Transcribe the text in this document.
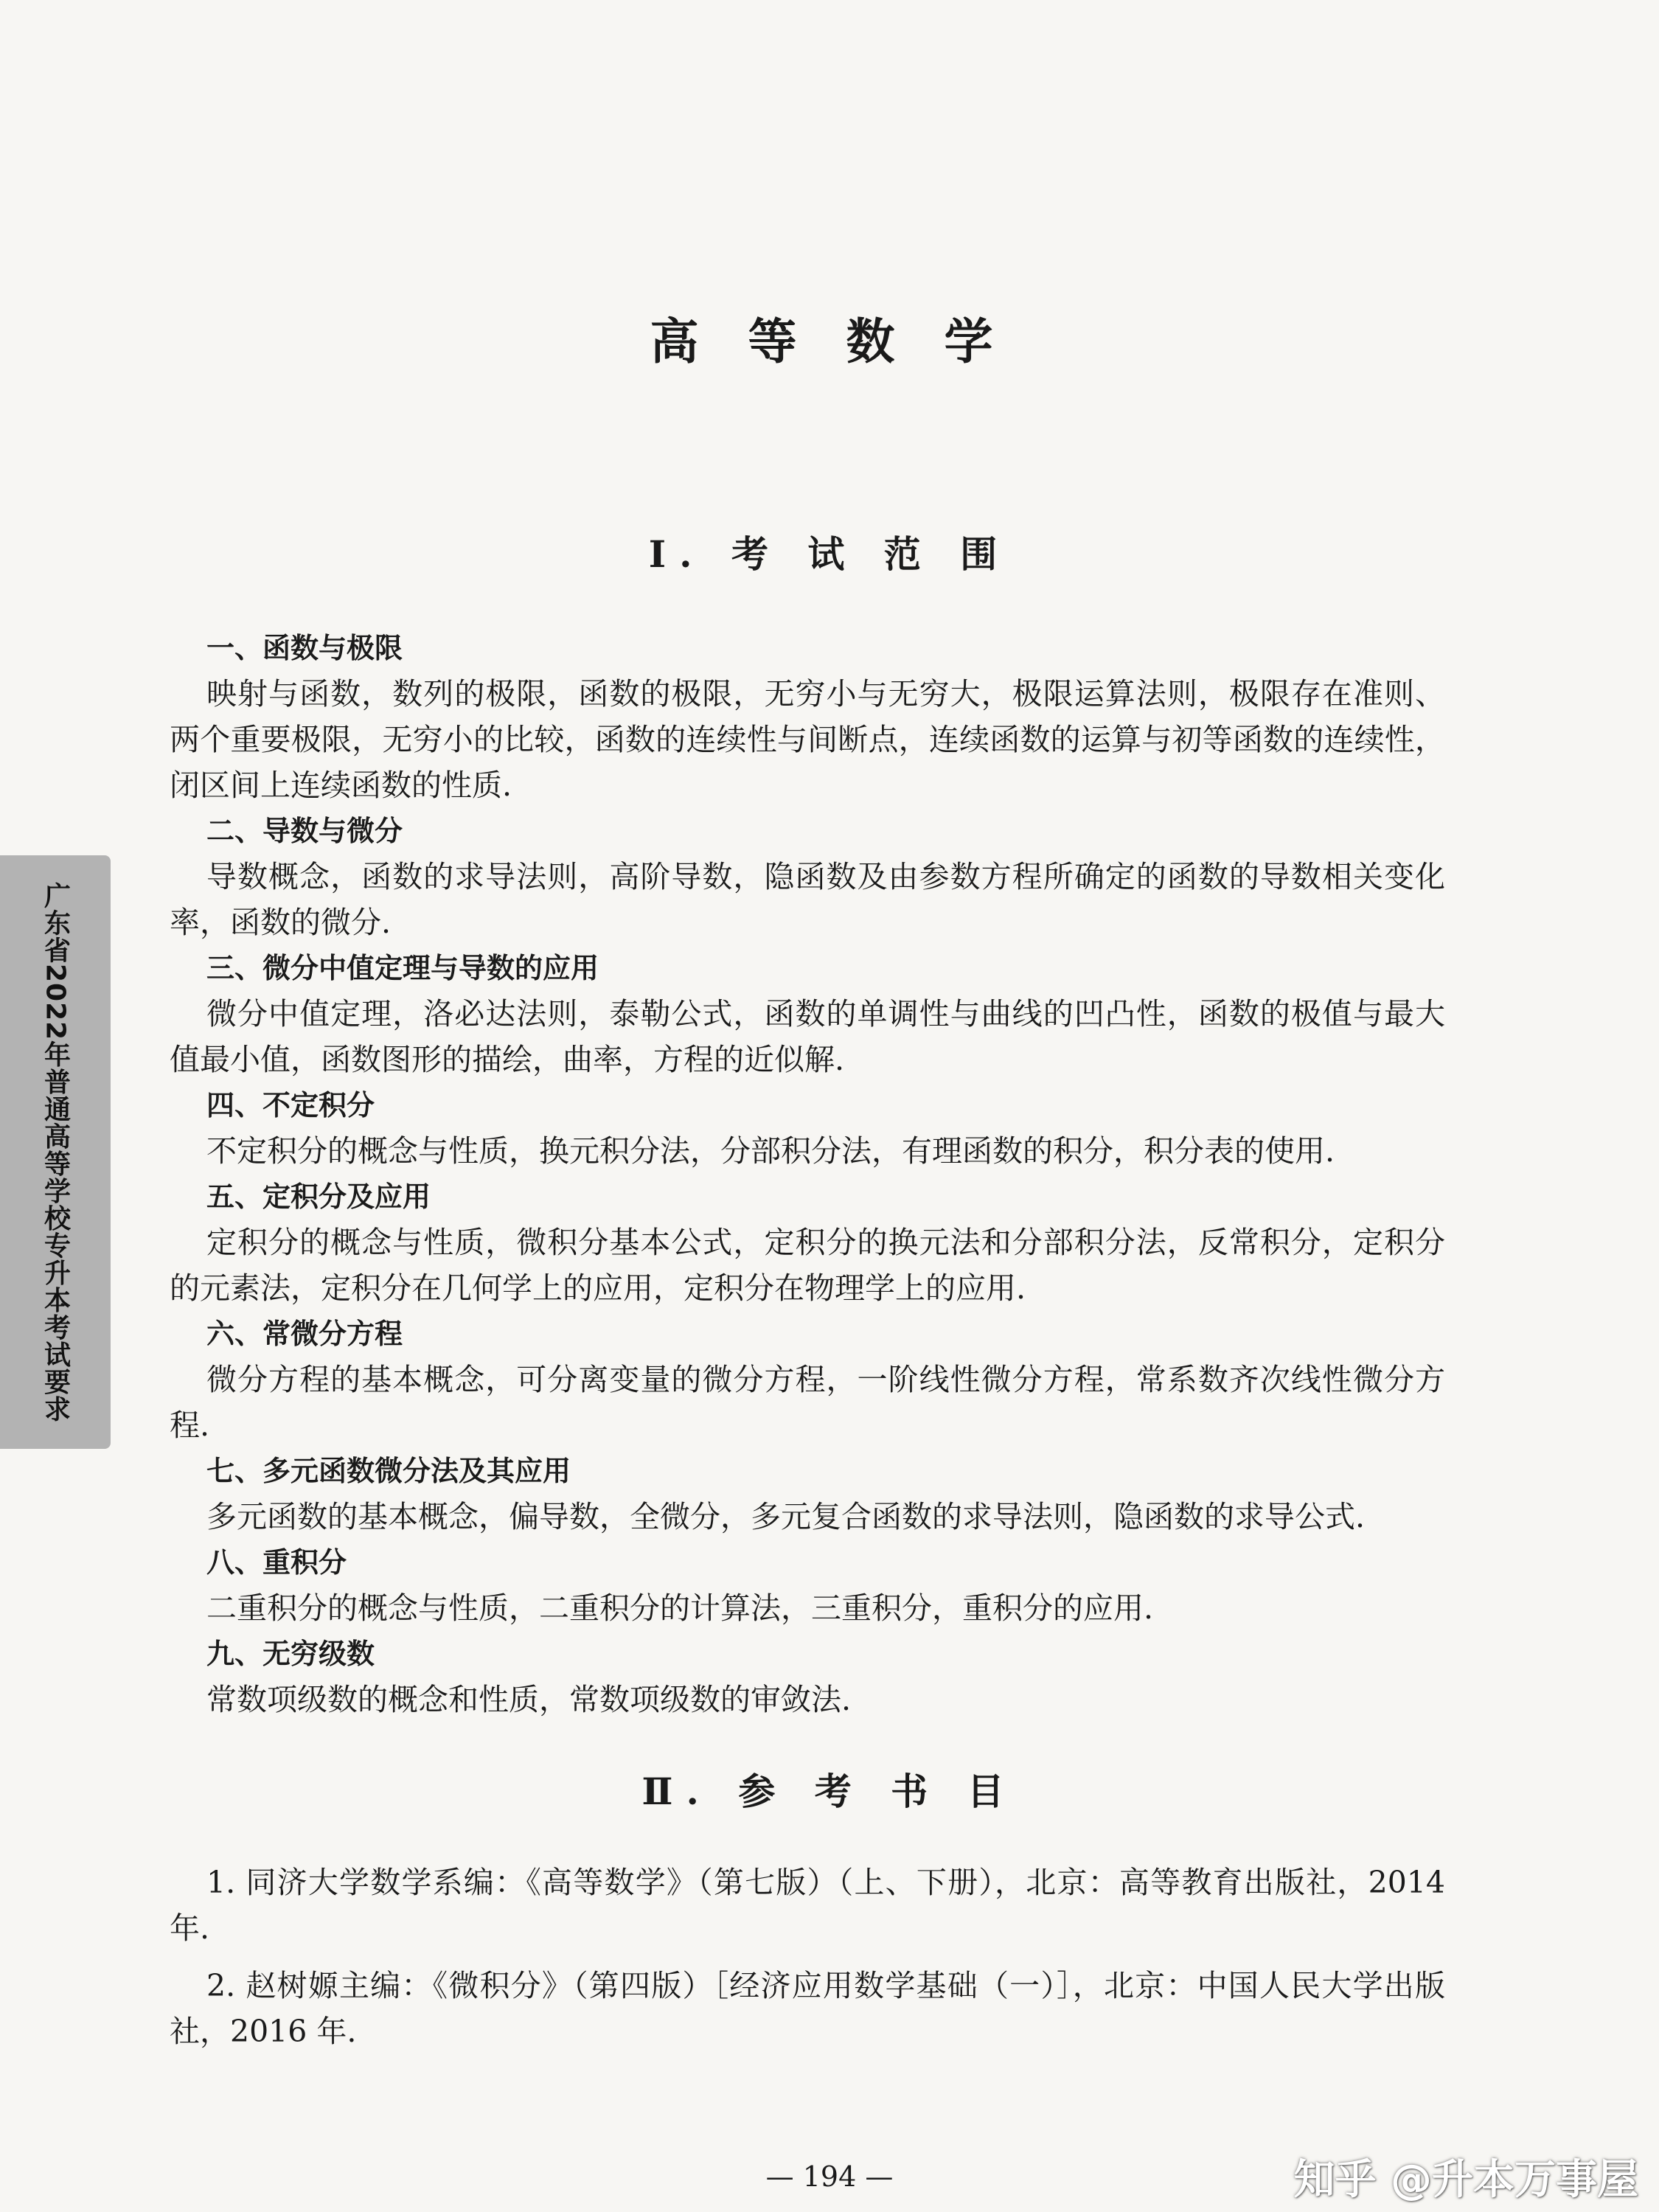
高 等 数 学
Ⅰ. 考 试 范 围
广东省2022年普通高等学校专升本考试要求
一、函数与极限

映射与函数，数列的极限，函数的极限，无穷小与无穷大，极限运算法则，极限存在准则、两个重要极限，无穷小的比较，函数的连续性与间断点，连续函数的运算与初等函数的连续性，闭区间上连续函数的性质.

二、导数与微分

导数概念，函数的求导法则，高阶导数，隐函数及由参数方程所确定的函数的导数相关变化率，函数的微分.

三、微分中值定理与导数的应用

微分中值定理，洛必达法则，泰勒公式，函数的单调性与曲线的凹凸性，函数的极值与最大值最小值，函数图形的描绘，曲率，方程的近似解.

四、不定积分

不定积分的概念与性质，换元积分法，分部积分法，有理函数的积分，积分表的使用.

五、定积分及应用

定积分的概念与性质，微积分基本公式，定积分的换元法和分部积分法，反常积分，定积分的元素法，定积分在几何学上的应用，定积分在物理学上的应用.

六、常微分方程

微分方程的基本概念，可分离变量的微分方程，一阶线性微分方程，常系数齐次线性微分方程.

七、多元函数微分法及其应用

多元函数的基本概念，偏导数，全微分，多元复合函数的求导法则，隐函数的求导公式.

八、重积分

二重积分的概念与性质，二重积分的计算法，三重积分，重积分的应用.

九、无穷级数

常数项级数的概念和性质，常数项级数的审敛法.

Ⅱ. 参 考 书 目

1. 同济大学数学系编：《高等数学》（第七版）（上、下册），北京：高等教育出版社，2014 年.

2. 赵树嫄主编：《微积分》（第四版）［经济应用数学基础（一）］，北京：中国人民大学出版社，2016 年.

— 194 —	知乎 @升本万事屋
